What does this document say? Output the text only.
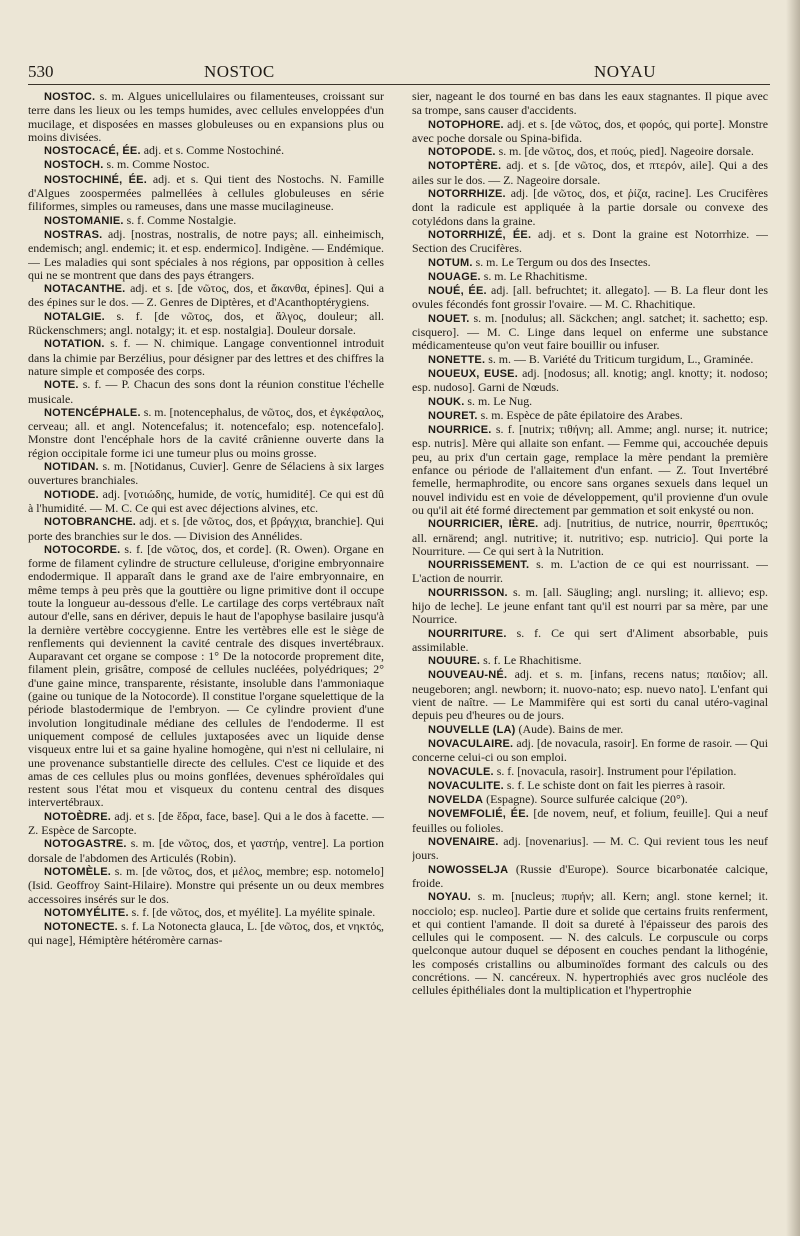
530	NOSTOC	NOYAU

NOSTOC. s. m. Algues unicellulaires ou filamenteuses, croissant sur terre dans les lieux ou les temps humides, avec cellules enveloppées d'un mucilage, et disposées en masses globuleuses ou en expansions plus ou moins divisées.

NOSTOCACÉ, ÉE. adj. et s. Comme Nostochiné.

NOSTOCH. s. m. Comme Nostoc.

NOSTOCHINÉ, ÉE. adj. et s. Qui tient des Nostochs. N. Famille d'Algues zoospermées palmellées à cellules globuleuses en série filiformes, simples ou rameuses, dans une masse mucilagineuse.

NOSTOMANIE. s. f. Comme Nostalgie.

NOSTRAS. adj. [nostras, nostralis, de notre pays; all. einheimisch, endemisch; angl. endemic; it. et esp. endermico]. Indigène. — Endémique. — Les maladies qui sont spéciales à nos régions, par opposition à celles qui ne se montrent que dans des pays étrangers.

NOTACANTHE. adj. et s. [de νῶτος, dos, et ἄκανθα, épines]. Qui a des épines sur le dos. — Z. Genres de Diptères, et d'Acanthoptérygiens.

NOTALGIE. s. f. [de νῶτος, dos, et ἄλγος, douleur; all. Rückenschmers; angl. notalgy; it. et esp. nostalgia]. Douleur dorsale.

NOTATION. s. f. — N. chimique. Langage conventionnel introduit dans la chimie par Berzélius, pour désigner par des lettres et des chiffres la nature simple et composée des corps.

NOTE. s. f. — P. Chacun des sons dont la réunion constitue l'échelle musicale.

NOTENCÉPHALE. s. m. [notencephalus, de νῶτος, dos, et ἐγκέφαλος, cerveau; all. et angl. Notencefalus; it. notencefalo; esp. notencefalo]. Monstre dont l'encéphale hors de la cavité crânienne ouverte dans la région occipitale forme ici une tumeur plus ou moins grosse.

NOTIDAN. s. m. [Notidanus, Cuvier]. Genre de Sélaciens à six larges ouvertures branchiales.

NOTIODE. adj. [νοτιώδης, humide, de νοτίς, humidité]. Ce qui est dû à l'humidité. — M. C. Ce qui est avec déjections alvines, etc.

NOTOBRANCHE. adj. et s. [de νῶτος, dos, et βράγχια, branchie]. Qui porte des branchies sur le dos. — Division des Annélides.

NOTOCORDE. s. f. [de νῶτος, dos, et corde]. (R. Owen). Organe en forme de filament cylindre de structure celluleuse, d'origine embryonnaire endodermique. Il apparaît dans le grand axe de l'aire embryonnaire, en même temps à peu près que la gouttière ou ligne primitive dont il occupe toute la longueur au-dessous d'elle. Le cartilage des corps vertébraux naît autour d'elle, sans en dériver, depuis le haut de l'apophyse basilaire jusqu'à la dernière vertèbre coccygienne. Entre les vertèbres elle est le siège de renflements qui deviennent la cavité centrale des disques invertébraux. Auparavant cet organe se compose : 1° De la notocorde proprement dite, filament plein, grisâtre, composé de cellules nucléées, polyédriques; 2° d'une gaine mince, transparente, résistante, insoluble dans l'ammoniaque (gaine ou tunique de la Notocorde). Il constitue l'organe squelettique de la période blastodermique de l'embryon. — Ce cylindre provient d'une involution longitudinale médiane des cellules de l'endoderme. Il est uniquement composé de cellules juxtaposées avec un liquide dense visqueux entre lui et sa gaine hyaline homogène, qui n'est ni cellulaire, ni une provenance substantielle directe des cellules. C'est ce liquide et des amas de ces cellules plus ou moins gonflées, devenues sphéroïdales qui restent sous l'état mou et visqueux du contenu central des disques intervertébraux.

NOTOÈDRE. adj. et s. [de ἕδρα, face, base]. Qui a le dos à facette. — Z. Espèce de Sarcopte.

NOTOGASTRE. s. m. [de νῶτος, dos, et γαστήρ, ventre]. La portion dorsale de l'abdomen des Articulés (Robin).

NOTOMÈLE. s. m. [de νῶτος, dos, et μέλος, membre; esp. notomelo] (Isid. Geoffroy Saint-Hilaire). Monstre qui présente un ou deux membres accessoires insérés sur le dos.

NOTOMYÉLITE. s. f. [de νῶτος, dos, et myélite]. La myélite spinale.

NOTONECTE. s. f. La Notonecta glauca, L. [de νῶτος, dos, et νηκτός, qui nage], Hémiptère hétéromère carnas-

sier, nageant le dos tourné en bas dans les eaux stagnantes. Il pique avec sa trompe, sans causer d'accidents.

NOTOPHORE. adj. et s. [de νῶτος, dos, et φορός, qui porte]. Monstre avec poche dorsale ou Spina-bifida.

NOTOPODE. s. m. [de νῶτος, dos, et πούς, pied]. Nageoire dorsale.

NOTOPTÈRE. adj. et s. [de νῶτος, dos, et πτερόν, aile]. Qui a des ailes sur le dos. — Z. Nageoire dorsale.

NOTORRHIZE. adj. [de νῶτος, dos, et ῥίζα, racine]. Les Crucifères dont la radicule est appliquée à la partie dorsale ou convexe des cotylédons dans la graine.

NOTORRHIZÉ, ÉE. adj. et s. Dont la graine est Notorrhize. — Section des Crucifères.

NOTUM. s. m. Le Tergum ou dos des Insectes.

NOUAGE. s. m. Le Rhachitisme.

NOUÉ, ÉE. adj. [all. befruchtet; it. allegato]. — B. La fleur dont les ovules fécondés font grossir l'ovaire. — M. C. Rhachitique.

NOUET. s. m. [nodulus; all. Säckchen; angl. satchet; it. sachetto; esp. cisquero]. — M. C. Linge dans lequel on enferme une substance médicamenteuse qu'on veut faire bouillir ou infuser.

NONETTE. s. m. — B. Variété du Triticum turgidum, L., Graminée.

NOUEUX, EUSE. adj. [nodosus; all. knotig; angl. knotty; it. nodoso; esp. nudoso]. Garni de Nœuds.

NOUK. s. m. Le Nug.

NOURET. s. m. Espèce de pâte épilatoire des Arabes.

NOURRICE. s. f. [nutrix; τιθήνη; all. Amme; angl. nurse; it. nutrice; esp. nutris]. Mère qui allaite son enfant. — Femme qui, accouchée depuis peu, au prix d'un certain gage, remplace la mère pendant la première enfance ou période de l'allaitement d'un enfant. — Z. Tout Invertébré femelle, hermaphrodite, ou encore sans organes sexuels dans lequel un nouvel individu est en voie de développement, qu'il provienne d'un ovule ou qu'il ait été formé directement par gemmation et soit enkysté ou non.

NOURRICIER, IÈRE. adj. [nutritius, de nutrice, nourrir, θρεπτικός; all. ernärend; angl. nutritive; it. nutritivo; esp. nutricio]. Qui porte la Nourriture. — Ce qui sert à la Nutrition.

NOURRISSEMENT. s. m. L'action de ce qui est nourrissant. — L'action de nourrir.

NOURRISSON. s. m. [all. Säugling; angl. nursling; it. allievo; esp. hijo de leche]. Le jeune enfant tant qu'il est nourri par sa mère, par une Nourrice.

NOURRITURE. s. f. Ce qui sert d'Aliment absorbable, puis assimilable.

NOUURE. s. f. Le Rhachitisme.

NOUVEAU-NÉ. adj. et s. m. [infans, recens natus; παιδίον; all. neugeboren; angl. newborn; it. nuovo-nato; esp. nuevo nato]. L'enfant qui vient de naître. — Le Mammifère qui est sorti du canal utéro-vaginal depuis peu d'heures ou de jours.

NOUVELLE (LA) (Aude). Bains de mer.

NOVACULAIRE. adj. [de novacula, rasoir]. En forme de rasoir. — Qui concerne celui-ci ou son emploi.

NOVACULE. s. f. [novacula, rasoir]. Instrument pour l'épilation.

NOVACULITE. s. f. Le schiste dont on fait les pierres à rasoir.

NOVELDA (Espagne). Source sulfurée calcique (20°).

NOVEMFOLIÉ, ÉE. [de novem, neuf, et folium, feuille]. Qui a neuf feuilles ou folioles.

NOVENAIRE. adj. [novenarius]. — M. C. Qui revient tous les neuf jours.

NOWOSSELJA (Russie d'Europe). Source bicarbonatée calcique, froide.

NOYAU. s. m. [nucleus; πυρήν; all. Kern; angl. stone kernel; it. nocciolo; esp. nucleo]. Partie dure et solide que certains fruits renferment, et qui contient l'amande. Il doit sa dureté à l'épaisseur des parois des cellules qui le composent. — N. des calculs. Le corpuscule ou corps quelconque autour duquel se déposent en couches pendant la lithogénie, les composés cristallins ou albuminoïdes formant des calculs ou des concrétions. — N. cancéreux. N. hypertrophiés avec gros nucléole des cellules épithéliales dont la multiplication et l'hypertrophie
